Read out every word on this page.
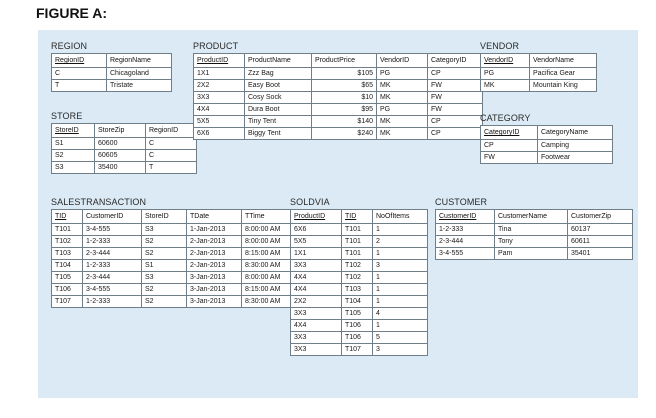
FIGURE A:
REGION
RegionID	RegionName
C	Chicagoland
T	Tristate
STORE
StoreID	StoreZip	RegionID
S1	60600	C
S2	60605	C
S3	35400	T
PRODUCT
ProductID	ProductName	ProductPrice	VendorID	CategoryID
1X1	Zzz Bag	$105	PG	CP
2X2	Easy Boot	$65	MK	FW
3X3	Cosy Sock	$10	MK	FW
4X4	Dura Boot	$95	PG	FW
5X5	Tiny Tent	$140	MK	CP
6X6	Biggy Tent	$240	MK	CP
VENDOR
VendorID	VendorName
PG	Pacifica Gear
MK	Mountain King
CATEGORY
CategoryID	CategoryName
CP	Camping
FW	Footwear
SALESTRANSACTION
TID	CustomerID	StoreID	TDate	TTime
T101	3-4-555	S3	1-Jan-2013	8:00:00 AM
T102	1-2-333	S2	2-Jan-2013	8:00:00 AM
T103	2-3-444	S2	2-Jan-2013	8:15:00 AM
T104	1-2-333	S1	2-Jan-2013	8:30:00 AM
T105	2-3-444	S3	3-Jan-2013	8:00:00 AM
T106	3-4-555	S2	3-Jan-2013	8:15:00 AM
T107	1-2-333	S2	3-Jan-2013	8:30:00 AM
SOLDVIA
ProductID	TID	NoOfItems
6X6	T101	1
5X5	T101	2
1X1	T101	1
3X3	T102	3
4X4	T102	1
4X4	T103	1
2X2	T104	1
3X3	T105	4
4X4	T106	1
3X3	T106	5
3X3	T107	3
CUSTOMER
CustomerID	CustomerName	CustomerZip
1-2-333	Tina	60137
2-3-444	Tony	60611
3-4-555	Pam	35401
